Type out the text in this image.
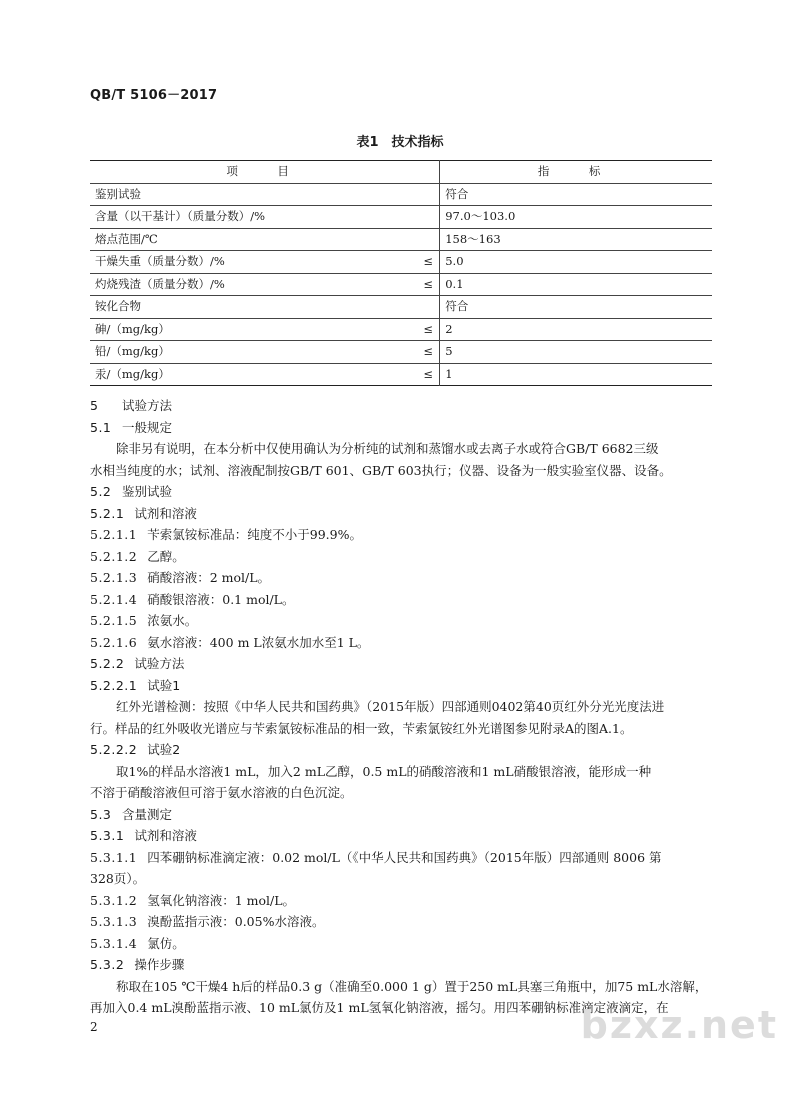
QB/T 5106－2017
表1　技术指标
项　目		指　标
鉴别试验		符合
含量（以干基计）（质量分数）/%		97.0～103.0
熔点范围/℃		158～163
干燥失重（质量分数）/%	≤	5.0
灼烧残渣（质量分数）/%	≤	0.1
铵化合物		符合
砷/（mg/kg）	≤	2
铅/（mg/kg）	≤	5
汞/（mg/kg）	≤	1
5 试验方法
5.1 一般规定

除非另有说明，在本分析中仅使用确认为分析纯的试剂和蒸馏水或去离子水或符合GB/T 6682三级

水相当纯度的水；试剂、溶液配制按GB/T 601、GB/T 603执行；仪器、设备为一般实验室仪器、设备。

5.2 鉴别试验
5.2.1 试剂和溶液
5.2.1.1 苄索氯铵标准品：纯度不小于99.9%。
5.2.1.2 乙醇。
5.2.1.3 硝酸溶液：2 mol/L。
5.2.1.4 硝酸银溶液：0.1 mol/L。
5.2.1.5 浓氨水。
5.2.1.6 氨水溶液：400 m L浓氨水加水至1 L。
5.2.2 试验方法
5.2.2.1 试验1

红外光谱检测：按照《中华人民共和国药典》（2015年版）四部通则0402第40页红外分光光度法进

行。样品的红外吸收光谱应与苄索氯铵标准品的相一致，苄索氯铵红外光谱图参见附录A的图A.1。

5.2.2.2 试验2

取1%的样品水溶液1 mL，加入2 mL乙醇，0.5 mL的硝酸溶液和1 mL硝酸银溶液，能形成一种

不溶于硝酸溶液但可溶于氨水溶液的白色沉淀。

5.3 含量测定
5.3.1 试剂和溶液
5.3.1.1 四苯硼钠标准滴定液：0.02 mol/L（《中华人民共和国药典》（2015年版）四部通则 8006 第

328页）。

5.3.1.2 氢氧化钠溶液：1 mol/L。
5.3.1.3 溴酚蓝指示液：0.05%水溶液。
5.3.1.4 氯仿。
5.3.2 操作步骤

称取在105 ℃干燥4 h后的样品0.3 g（准确至0.000 1 g）置于250 mL具塞三角瓶中，加75 mL水溶解，

再加入0.4 mL溴酚蓝指示液、10 mL氯仿及1 mL氢氧化钠溶液，摇匀。用四苯硼钠标准滴定液滴定，在

2	bzxz.net
